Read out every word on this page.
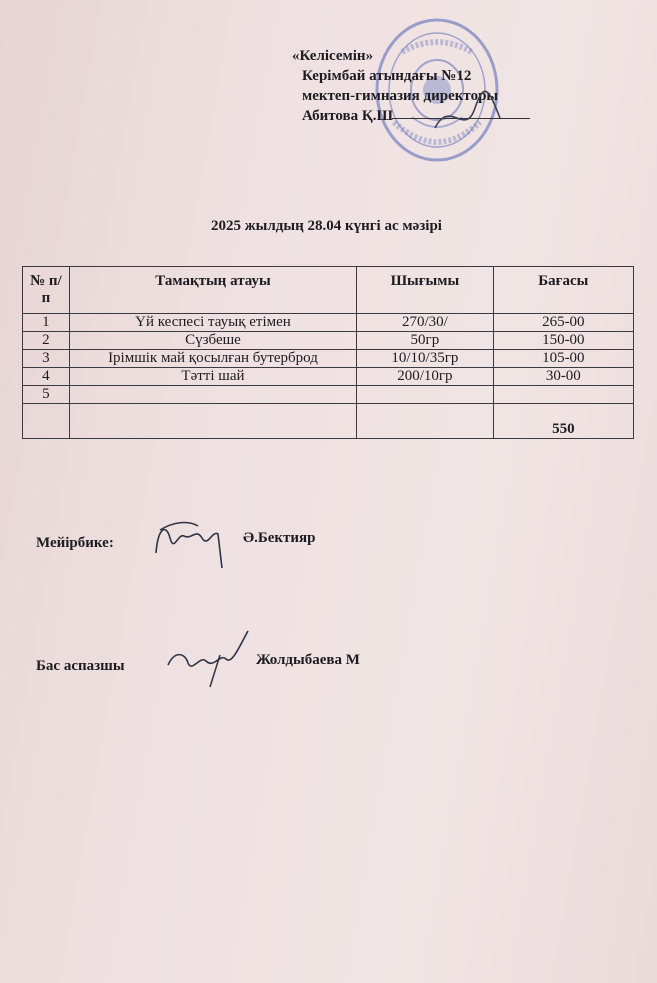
«Келісемін»
Керімбай атындағы №12
мектеп-гимназия директоры
Абитова Қ.Ш
2025 жылдың 28.04 күнгі ас мәзірі
№ п/п	Тамақтың атауы	Шығымы	Бағасы
1	Үй кеспесі тауық етімен	270/30/	265-00
2	Сүзбеше	50гр	150-00
3	Ірімшік май қосылған бутерброд	10/10/35гр	105-00
4	Тәтті шай	200/10гр	30-00
5			
			550
Мейірбике:	Ә.Бектияр
Бас аспазшы	Жолдыбаева М
